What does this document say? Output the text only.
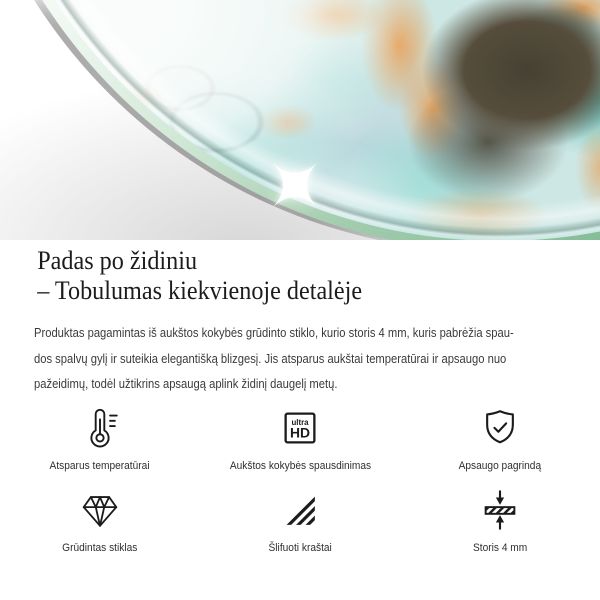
Padas po židiniu
– Tobulumas kiekvienoje detalėje

Produktas pagamintas iš aukštos kokybės grūdinto stiklo, kurio storis 4 mm, kuris pabrėžia spau-
dos spalvų gylį ir suteikia elegantišką blizgesį. Jis atsparus aukštai temperatūrai ir apsaugo nuo
pažeidimų, todėl užtikrins apsaugą aplink židinį daugelį metų.

Atsparus temperatūrai
ultra
HD
Aukštos kokybės spausdinimas	Apsaugo pagrindą
Grūdintas stiklas	Šlifuoti kraštai	Storis 4 mm
